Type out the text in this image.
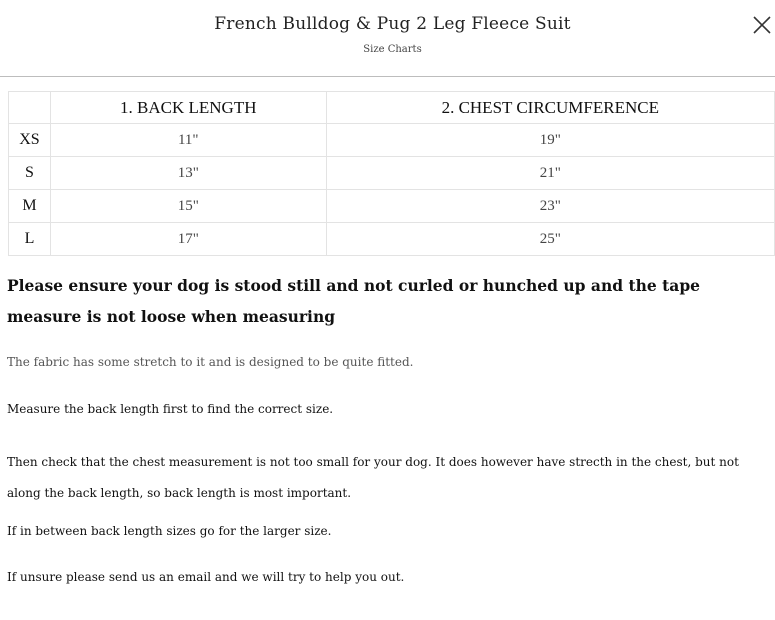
French Bulldog & Pug 2 Leg Fleece Suit
Size Charts
	1. BACK LENGTH	2. CHEST CIRCUMFERENCE
XS	11"	19"
S	13"	21"
M	15"	23"
L	17"	25"
Please ensure your dog is stood still and not curled or hunched up and the tape measure is not loose when measuring
The fabric has some stretch to it and is designed to be quite fitted.
Measure the back length first to find the correct size.
Then check that the chest measurement is not too small for your dog. It does however have strecth in the chest, but not along the back length, so back length is most important.
If in between back length sizes go for the larger size.
If unsure please send us an email and we will try to help you out.
